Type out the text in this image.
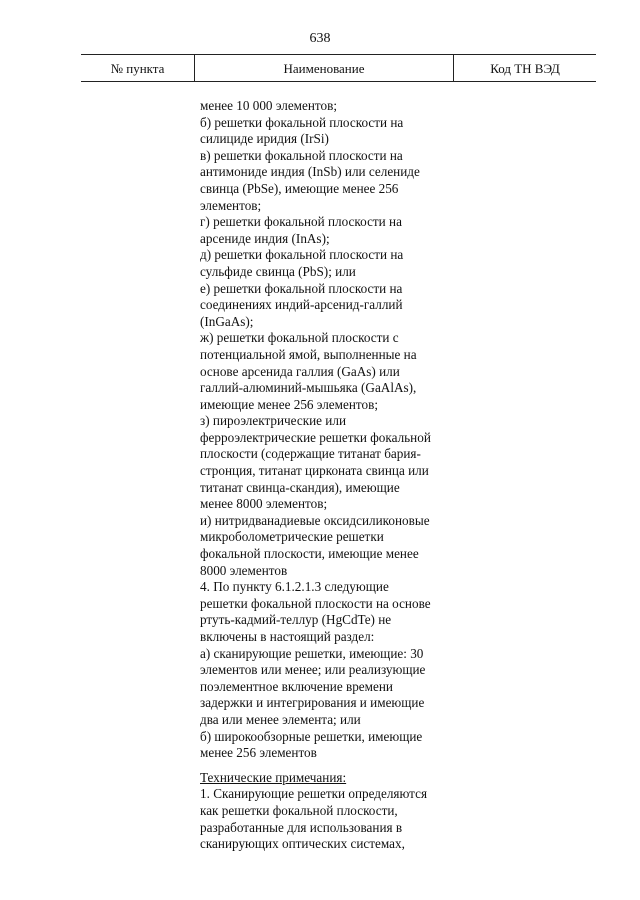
638
№ пункта	Наименование	Код ТН ВЭД
менее 10 000 элементов;
б) решетки фокальной плоскости на
силициде иридия (IrSi)
в) решетки фокальной плоскости на
антимониде индия (InSb) или селениде
свинца (PbSe), имеющие менее 256
элементов;
г) решетки фокальной плоскости на
арсениде индия (InAs);
д) решетки фокальной плоскости на
сульфиде свинца (PbS); или
е) решетки фокальной плоскости на
соединениях индий-арсенид-галлий
(InGaAs);
ж) решетки фокальной плоскости с
потенциальной ямой, выполненные на
основе арсенида галлия (GaAs) или
галлий-алюминий-мышьяка (GaAlAs),
имеющие менее 256 элементов;
з) пироэлектрические или
ферроэлектрические решетки фокальной
плоскости (содержащие титанат бария-
стронция, титанат цирконата свинца или
титанат свинца-скандия), имеющие
менее 8000 элементов;
и) нитридванадиевые оксидсиликоновые
микроболометрические решетки
фокальной плоскости, имеющие менее
8000 элементов
4. По пункту 6.1.2.1.3 следующие
решетки фокальной плоскости на основе
ртуть-кадмий-теллур (HgCdTe) не
включены в настоящий раздел:
а) сканирующие решетки, имеющие: 30
элементов или менее; или реализующие
поэлементное включение времени
задержки и интегрирования и имеющие
два или менее элемента; или
б) широкообзорные решетки, имеющие
менее 256 элементов
Технические примечания:
1. Сканирующие решетки определяются
как решетки фокальной плоскости,
разработанные для использования в
сканирующих оптических системах,
